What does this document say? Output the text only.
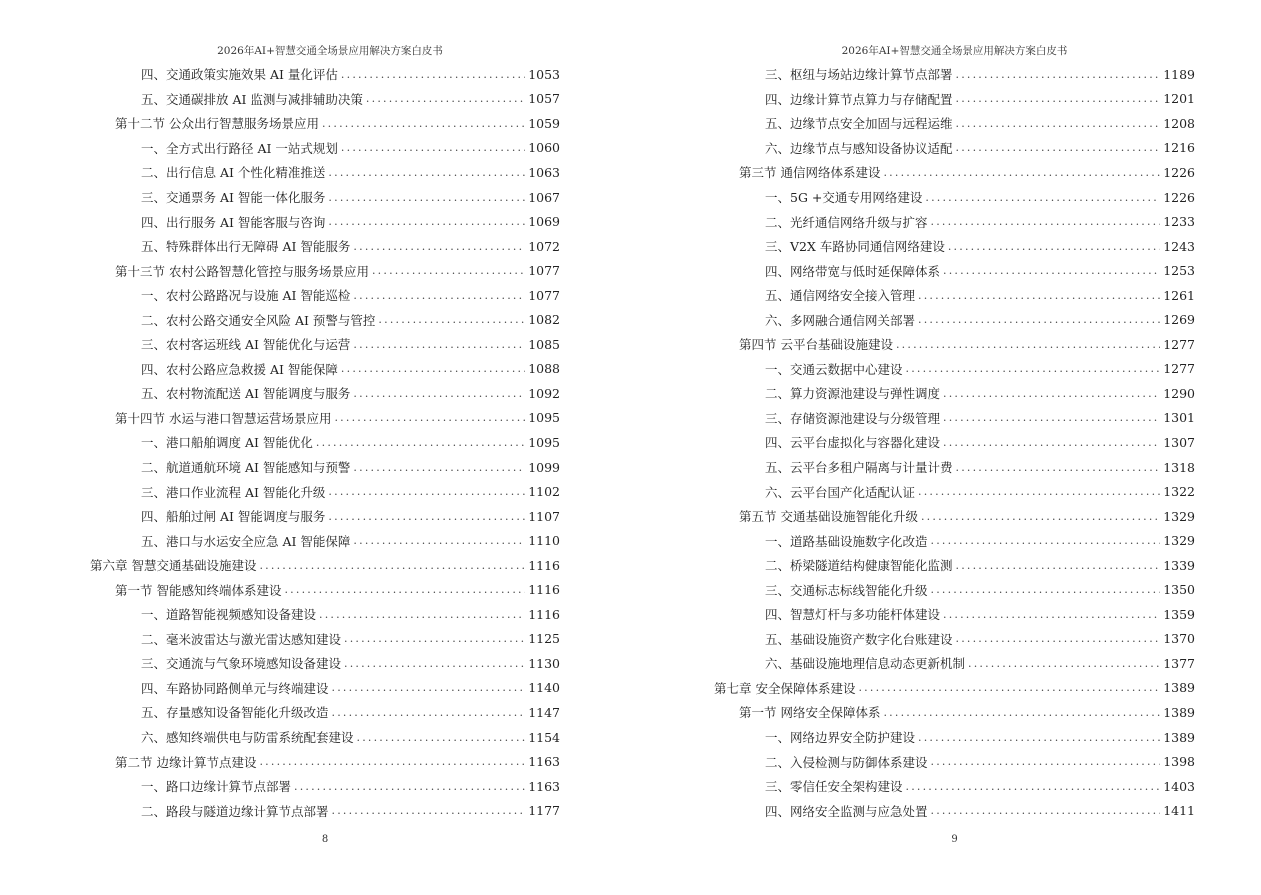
2026年AI+智慧交通全场景应用解决方案白皮书
四、交通政策实施效果 AI 量化评估 .....	1053
五、交通碳排放 AI 监测与减排辅助决策 .....	1057
第十二节 公众出行智慧服务场景应用 .....	1059
一、全方式出行路径 AI 一站式规划 .....	1060
二、出行信息 AI 个性化精准推送 .....	1063
三、交通票务 AI 智能一体化服务 .....	1067
四、出行服务 AI 智能客服与咨询 .....	1069
五、特殊群体出行无障碍 AI 智能服务 .....	1072
第十三节 农村公路智慧化管控与服务场景应用 .....	1077
一、农村公路路况与设施 AI 智能巡检 .....	1077
二、农村公路交通安全风险 AI 预警与管控 .....	1082
三、农村客运班线 AI 智能优化与运营 .....	1085
四、农村公路应急救援 AI 智能保障 .....	1088
五、农村物流配送 AI 智能调度与服务 .....	1092
第十四节 水运与港口智慧运营场景应用 .....	1095
一、港口船舶调度 AI 智能优化 .....	1095
二、航道通航环境 AI 智能感知与预警 .....	1099
三、港口作业流程 AI 智能化升级 .....	1102
四、船舶过闸 AI 智能调度与服务 .....	1107
五、港口与水运安全应急 AI 智能保障 .....	1110
第六章 智慧交通基础设施建设 .....	1116
第一节 智能感知终端体系建设 .....	1116
一、道路智能视频感知设备建设 .....	1116
二、毫米波雷达与激光雷达感知建设 .....	1125
三、交通流与气象环境感知设备建设 .....	1130
四、车路协同路侧单元与终端建设 .....	1140
五、存量感知设备智能化升级改造 .....	1147
六、感知终端供电与防雷系统配套建设 .....	1154
第二节 边缘计算节点建设 .....	1163
一、路口边缘计算节点部署 .....	1163
二、路段与隧道边缘计算节点部署 .....	1177
8
2026年AI+智慧交通全场景应用解决方案白皮书
三、枢纽与场站边缘计算节点部署 .....	1189
四、边缘计算节点算力与存储配置 .....	1201
五、边缘节点安全加固与远程运维 .....	1208
六、边缘节点与感知设备协议适配 .....	1216
第三节 通信网络体系建设 .....	1226
一、5G +交通专用网络建设 .....	1226
二、光纤通信网络升级与扩容 .....	1233
三、V2X 车路协同通信网络建设 .....	1243
四、网络带宽与低时延保障体系 .....	1253
五、通信网络安全接入管理 .....	1261
六、多网融合通信网关部署 .....	1269
第四节 云平台基础设施建设 .....	1277
一、交通云数据中心建设 .....	1277
二、算力资源池建设与弹性调度 .....	1290
三、存储资源池建设与分级管理 .....	1301
四、云平台虚拟化与容器化建设 .....	1307
五、云平台多租户隔离与计量计费 .....	1318
六、云平台国产化适配认证 .....	1322
第五节 交通基础设施智能化升级 .....	1329
一、道路基础设施数字化改造 .....	1329
二、桥梁隧道结构健康智能化监测 .....	1339
三、交通标志标线智能化升级 .....	1350
四、智慧灯杆与多功能杆体建设 .....	1359
五、基础设施资产数字化台账建设 .....	1370
六、基础设施地理信息动态更新机制 .....	1377
第七章 安全保障体系建设 .....	1389
第一节 网络安全保障体系 .....	1389
一、网络边界安全防护建设 .....	1389
二、入侵检测与防御体系建设 .....	1398
三、零信任安全架构建设 .....	1403
四、网络安全监测与应急处置 .....	1411
9
